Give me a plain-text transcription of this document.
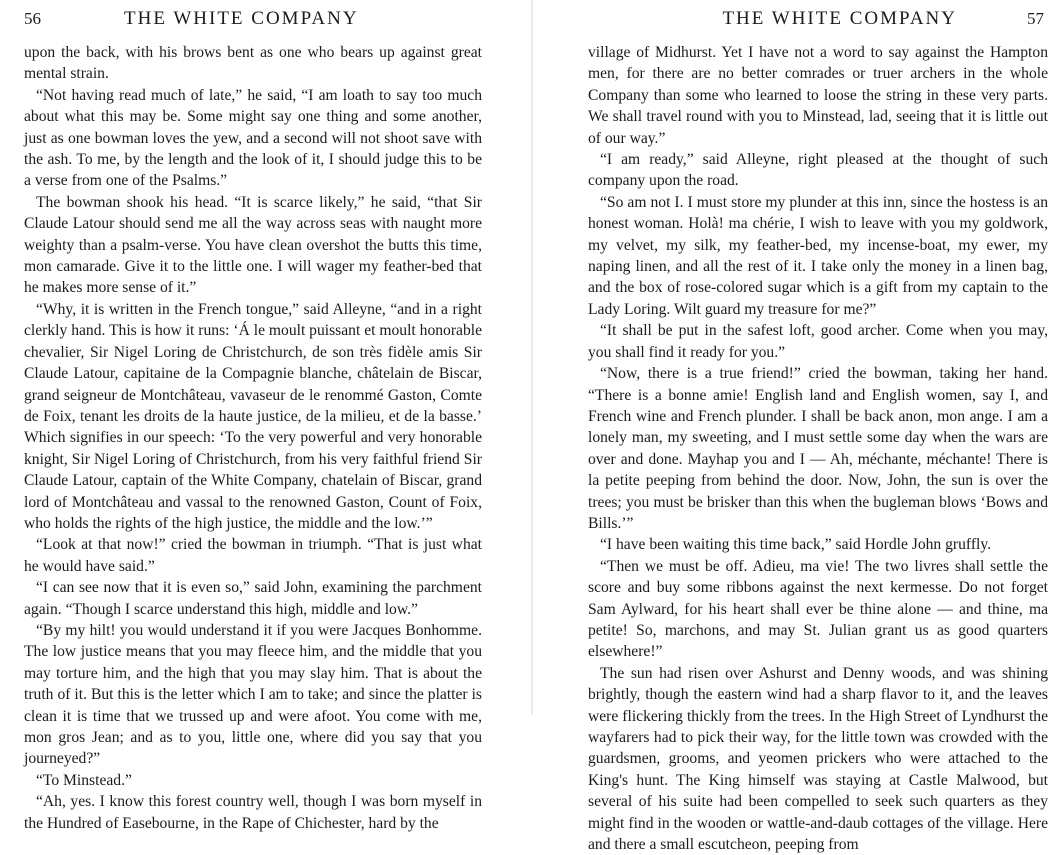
56	THE WHITE COMPANY

upon the back, with his brows bent as one who bears up against great mental strain.

“Not having read much of late,” he said, “I am loath to say too much about what this may be. Some might say one thing and some another, just as one bowman loves the yew, and a second will not shoot save with the ash. To me, by the length and the look of it, I should judge this to be a verse from one of the Psalms.”

The bowman shook his head. “It is scarce likely,” he said, “that Sir Claude Latour should send me all the way across seas with naught more weighty than a psalm-verse. You have clean overshot the butts this time, mon camarade. Give it to the little one. I will wager my feather-bed that he makes more sense of it.”

“Why, it is written in the French tongue,” said Alleyne, “and in a right clerkly hand. This is how it runs: ‘Á le moult puissant et moult honorable chevalier, Sir Nigel Loring de Christchurch, de son très fidèle amis Sir Claude Latour, capitaine de la Compagnie blanche, châtelain de Biscar, grand seigneur de Montchâteau, vavaseur de le renommé Gaston, Comte de Foix, tenant les droits de la haute justice, de la milieu, et de la basse.’ Which signifies in our speech: ‘To the very powerful and very honorable knight, Sir Nigel Loring of Christchurch, from his very faithful friend Sir Claude Latour, captain of the White Company, chatelain of Biscar, grand lord of Montchâteau and vassal to the renowned Gaston, Count of Foix, who holds the rights of the high justice, the middle and the low.’”

“Look at that now!” cried the bowman in triumph. “That is just what he would have said.”

“I can see now that it is even so,” said John, examining the parchment again. “Though I scarce understand this high, middle and low.”

“By my hilt! you would understand it if you were Jacques Bonhomme. The low justice means that you may fleece him, and the middle that you may torture him, and the high that you may slay him. That is about the truth of it. But this is the letter which I am to take; and since the platter is clean it is time that we trussed up and were afoot. You come with me, mon gros Jean; and as to you, little one, where did you say that you journeyed?”

“To Minstead.”

“Ah, yes. I know this forest country well, though I was born myself in the Hundred of Easebourne, in the Rape of Chichester, hard by the

THE WHITE COMPANY	57

village of Midhurst. Yet I have not a word to say against the Hampton men, for there are no better comrades or truer archers in the whole Company than some who learned to loose the string in these very parts. We shall travel round with you to Minstead, lad, seeing that it is little out of our way.”

“I am ready,” said Alleyne, right pleased at the thought of such company upon the road.

“So am not I. I must store my plunder at this inn, since the hostess is an honest woman. Holà! ma chérie, I wish to leave with you my goldwork, my velvet, my silk, my feather-bed, my incense-boat, my ewer, my naping linen, and all the rest of it. I take only the money in a linen bag, and the box of rose-colored sugar which is a gift from my captain to the Lady Loring. Wilt guard my treasure for me?”

“It shall be put in the safest loft, good archer. Come when you may, you shall find it ready for you.”

“Now, there is a true friend!” cried the bowman, taking her hand. “There is a bonne amie! English land and English women, say I, and French wine and French plunder. I shall be back anon, mon ange. I am a lonely man, my sweeting, and I must settle some day when the wars are over and done. Mayhap you and I — Ah, méchante, méchante! There is la petite peeping from behind the door. Now, John, the sun is over the trees; you must be brisker than this when the bugleman blows ‘Bows and Bills.’”

“I have been waiting this time back,” said Hordle John gruffly.

“Then we must be off. Adieu, ma vie! The two livres shall settle the score and buy some ribbons against the next kermesse. Do not forget Sam Aylward, for his heart shall ever be thine alone — and thine, ma petite! So, marchons, and may St. Julian grant us as good quarters elsewhere!”

The sun had risen over Ashurst and Denny woods, and was shining brightly, though the eastern wind had a sharp flavor to it, and the leaves were flickering thickly from the trees. In the High Street of Lyndhurst the wayfarers had to pick their way, for the little town was crowded with the guardsmen, grooms, and yeomen prickers who were attached to the King's hunt. The King himself was staying at Castle Malwood, but several of his suite had been compelled to seek such quarters as they might find in the wooden or wattle-and-daub cottages of the village. Here and there a small escutcheon, peeping from
